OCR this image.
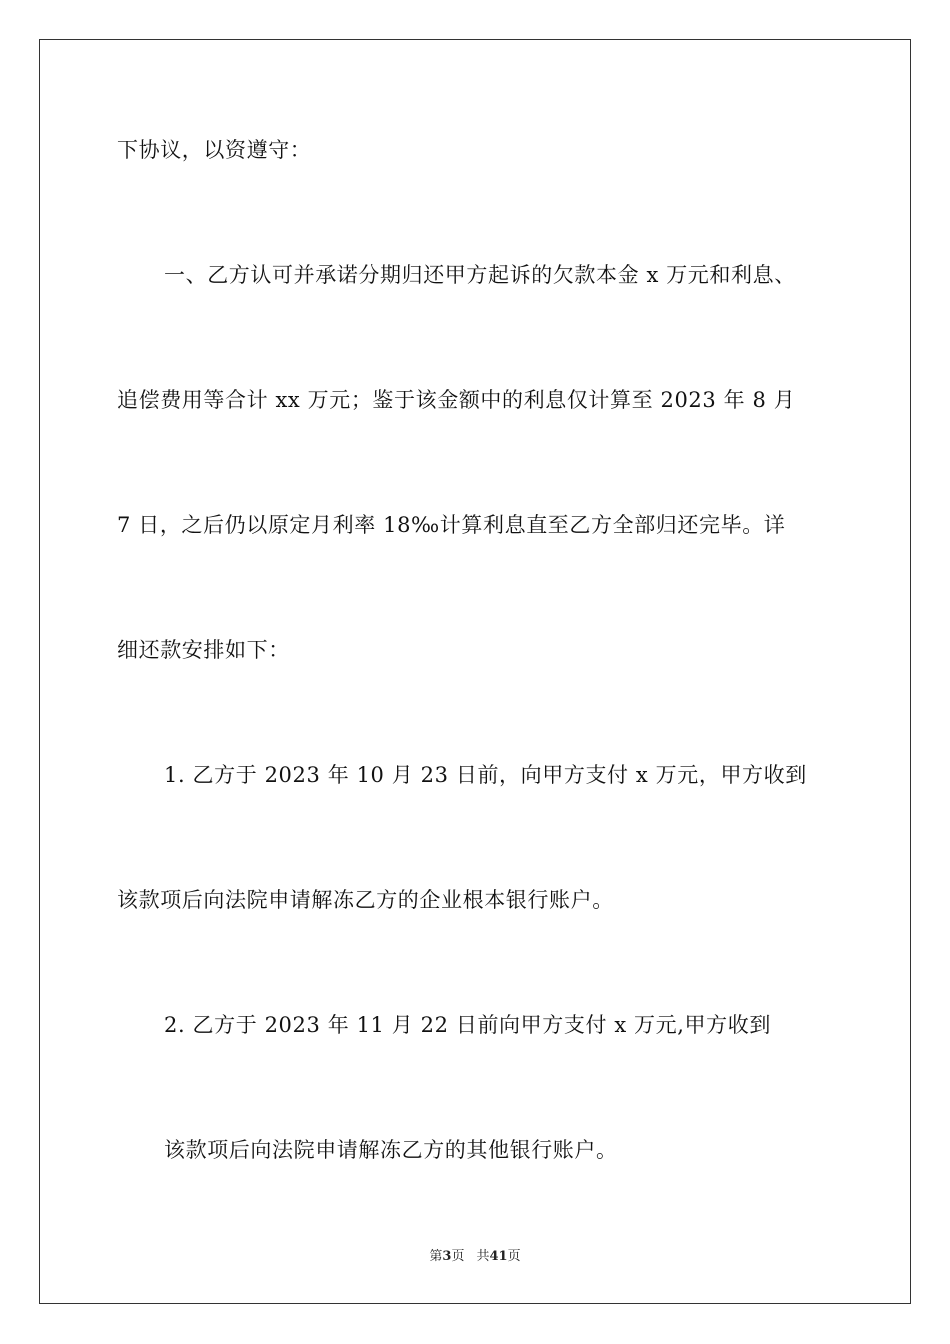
下协议，以资遵守：
一、乙方认可并承诺分期归还甲方起诉的欠款本金 x 万元和利息、
追偿费用等合计 xx 万元；鉴于该金额中的利息仅计算至 2023 年 8 月
7 日，之后仍以原定月利率 18‰计算利息直至乙方全部归还完毕。详
细还款安排如下：
1. 乙方于 2023 年 10 月 23 日前，向甲方支付 x 万元，甲方收到
该款项后向法院申请解冻乙方的企业根本银行账户。
2. 乙方于 2023 年 11 月 22 日前向甲方支付 x 万元,甲方收到
该款项后向法院申请解冻乙方的其他银行账户。
第3页 共41页
